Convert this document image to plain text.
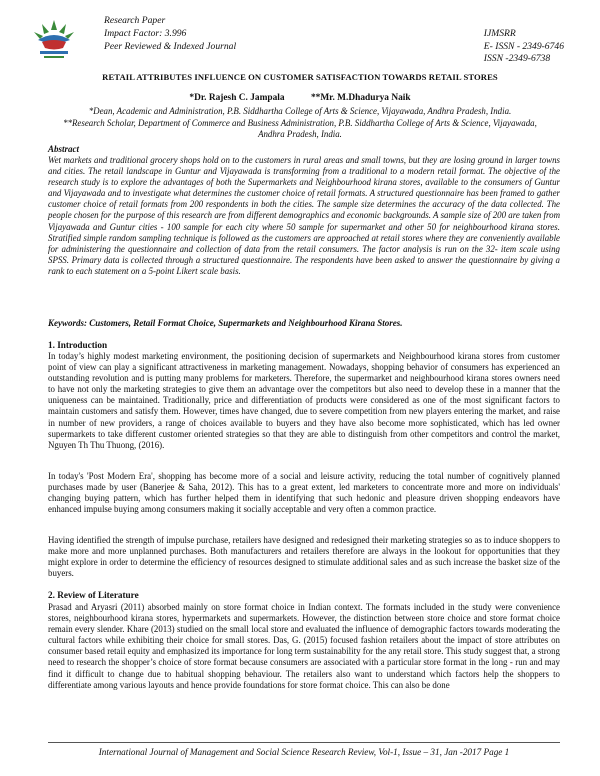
Research Paper
Impact Factor: 3.996
Peer Reviewed & Indexed Journal
IJMSRR
E- ISSN - 2349-6746
ISSN -2349-6738
RETAIL ATTRIBUTES INFLUENCE ON CUSTOMER SATISFACTION TOWARDS RETAIL STORES
*Dr. Rajesh C. Jampala	**Mr. M.Dhadurya Naik
*Dean, Academic and Administration, P.B. Siddhartha College of Arts & Science, Vijayawada, Andhra Pradesh, India.
**Research Scholar, Department of Commerce and Business Administration, P.B. Siddhartha College of Arts & Science, Vijayawada, Andhra Pradesh, India.
Abstract

Wet markets and traditional grocery shops hold on to the customers in rural areas and small towns, but they are losing ground in larger towns and cities. The retail landscape in Guntur and Vijayawada is transforming from a traditional to a modern retail format. The objective of the research study is to explore the advantages of both the Supermarkets and Neighbourhood kirana stores, available to the consumers of Guntur and Vijayawada and to investigate what determines the customer choice of retail formats. A structured questionnaire has been framed to gather customer choice of retail formats from 200 respondents in both the cities. The sample size determines the accuracy of the data collected. The people chosen for the purpose of this research are from different demographics and economic backgrounds. A sample size of 200 are taken from Vijayawada and Guntur cities - 100 sample for each city where 50 sample for supermarket and other 50 for neighbourhood kirana stores. Stratified simple random sampling technique is followed as the customers are approached at retail stores where they are conveniently available for administering the questionnaire and collection of data from the retail consumers. The factor analysis is run on the 32- item scale using SPSS. Primary data is collected through a structured questionnaire. The respondents have been asked to answer the questionnaire by giving a rank to each statement on a 5-point Likert scale basis.

Keywords: Customers, Retail Format Choice, Supermarkets and Neighbourhood Kirana Stores.
1. Introduction

In today’s highly modest marketing environment, the positioning decision of supermarkets and Neighbourhood kirana stores from customer point of view can play a significant attractiveness in marketing management. Nowadays, shopping behavior of consumers has experienced an outstanding revolution and is putting many problems for marketers. Therefore, the supermarket and neighbourhood kirana stores owners need to have not only the marketing strategies to give them an advantage over the competitors but also need to develop these in a manner that the uniqueness can be maintained. Traditionally, price and differentiation of products were considered as one of the most significant factors to maintain customers and satisfy them. However, times have changed, due to severe competition from new players entering the market, and raise in number of new providers, a range of choices available to buyers and they have also become more sophisticated, which has led owner supermarkets to take different customer oriented strategies so that they are able to distinguish from other competitors and control the market, Nguyen Th Thu Thuong, (2016).

In today's 'Post Modern Era', shopping has become more of a social and leisure activity, reducing the total number of cognitively planned purchases made by user (Banerjee & Saha, 2012). This has to a great extent, led marketers to concentrate more and more on individuals' changing buying pattern, which has further helped them in identifying that such hedonic and pleasure driven shopping endeavors have enhanced impulse buying among consumers making it socially acceptable and very often a common practice.

Having identified the strength of impulse purchase, retailers have designed and redesigned their marketing strategies so as to induce shoppers to make more and more unplanned purchases. Both manufacturers and retailers therefore are always in the lookout for opportunities that they might explore in order to determine the efficiency of resources designed to stimulate additional sales and as such increase the basket size of the buyers.

2. Review of Literature

Prasad and Aryasri (2011) absorbed mainly on store format choice in Indian context. The formats included in the study were convenience stores, neighbourhood kirana stores, hypermarkets and supermarkets. However, the distinction between store choice and store format choice remain every slender. Khare (2013) studied on the small local store and evaluated the influence of demographic factors towards moderating the cultural factors while exhibiting their choice for small stores. Das, G. (2015) focused fashion retailers about the impact of store attributes on consumer based retail equity and emphasized its importance for long term sustainability for the any retail store. This study suggest that, a strong need to research the shopper’s choice of store format because consumers are associated with a particular store format in the long - run and may find it difficult to change due to habitual shopping behaviour. The retailers also want to understand which factors help the shoppers to differentiate among various layouts and hence provide foundations for store format choice. This can also be done

International Journal of Management and Social Science Research Review, Vol-1, Issue – 31, Jan -2017 Page 1
